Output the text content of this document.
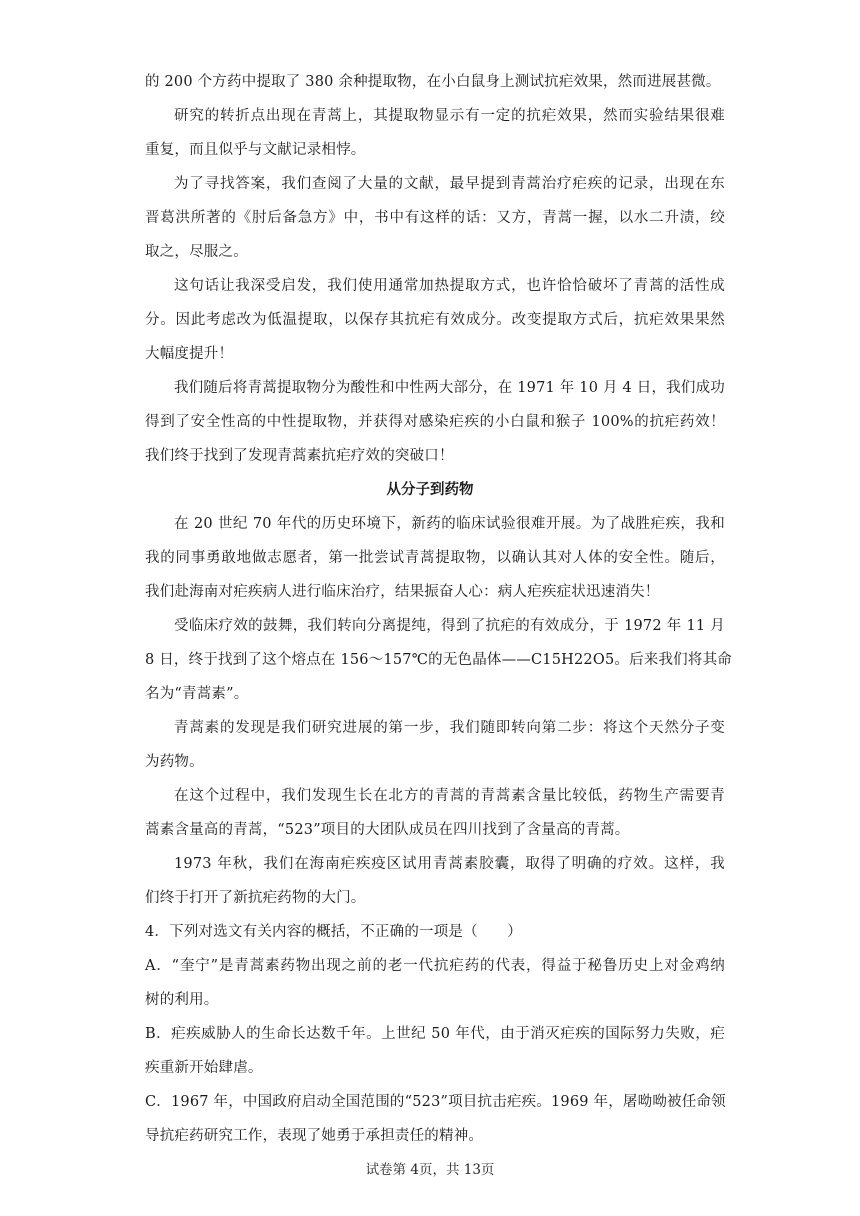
的 200 个方药中提取了 380 余种提取物，在小白鼠身上测试抗疟效果，然而进展甚微。
研究的转折点出现在青蒿上，其提取物显示有一定的抗疟效果，然而实验结果很难
重复，而且似乎与文献记录相悖。
为了寻找答案，我们查阅了大量的文献，最早提到青蒿治疗疟疾的记录，出现在东
晋葛洪所著的《肘后备急方》中，书中有这样的话：又方，青蒿一握，以水二升渍，绞
取之，尽服之。
这句话让我深受启发，我们使用通常加热提取方式，也许恰恰破坏了青蒿的活性成
分。因此考虑改为低温提取，以保存其抗疟有效成分。改变提取方式后，抗疟效果果然
大幅度提升！
我们随后将青蒿提取物分为酸性和中性两大部分，在 1971 年 10 月 4 日，我们成功
得到了安全性高的中性提取物，并获得对感染疟疾的小白鼠和猴子 100%的抗疟药效！
我们终于找到了发现青蒿素抗疟疗效的突破口！
从分子到药物
在 20 世纪 70 年代的历史环境下，新药的临床试验很难开展。为了战胜疟疾，我和
我的同事勇敢地做志愿者，第一批尝试青蒿提取物，以确认其对人体的安全性。随后，
我们赴海南对疟疾病人进行临床治疗，结果振奋人心：病人疟疾症状迅速消失！
受临床疗效的鼓舞，我们转向分离提纯，得到了抗疟的有效成分，于 1972 年 11 月
8 日，终于找到了这个熔点在 156～157℃的无色晶体——C15H22O5。后来我们将其命
名为“青蒿素”。
青蒿素的发现是我们研究进展的第一步，我们随即转向第二步：将这个天然分子变
为药物。
在这个过程中，我们发现生长在北方的青蒿的青蒿素含量比较低，药物生产需要青
蒿素含量高的青蒿，“523”项目的大团队成员在四川找到了含量高的青蒿。
1973 年秋，我们在海南疟疾疫区试用青蒿素胶囊，取得了明确的疗效。这样，我
们终于打开了新抗疟药物的大门。
4．下列对选文有关内容的概括，不正确的一项是（　　）
A．“奎宁”是青蒿素药物出现之前的老一代抗疟药的代表，得益于秘鲁历史上对金鸡纳
树的利用。
B．疟疾威胁人的生命长达数千年。上世纪 50 年代，由于消灭疟疾的国际努力失败，疟
疾重新开始肆虐。
C．1967 年，中国政府启动全国范围的“523”项目抗击疟疾。1969 年，屠呦呦被任命领
导抗疟药研究工作，表现了她勇于承担责任的精神。
试卷第 4页，共 13页
